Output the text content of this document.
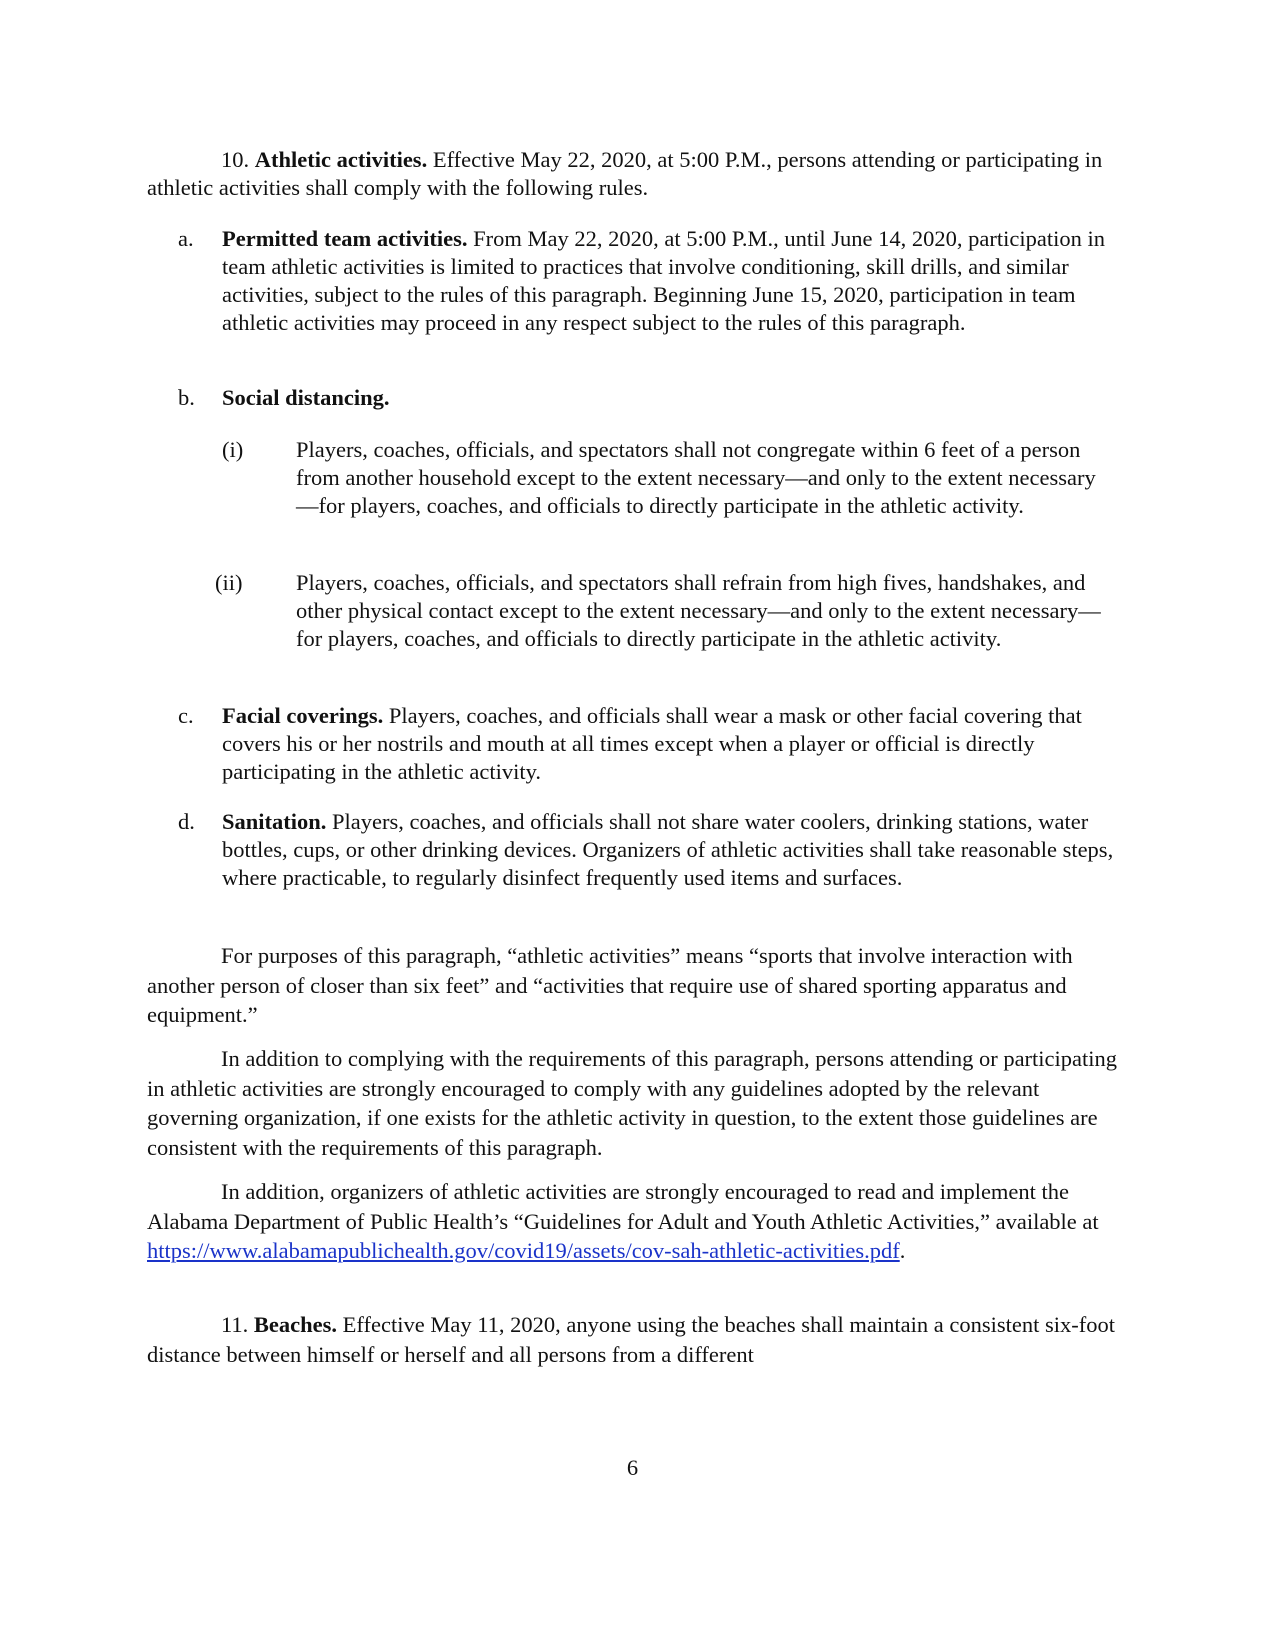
10. Athletic activities. Effective May 22, 2020, at 5:00 P.M., persons attending or participating in athletic activities shall comply with the following rules.

a. Permitted team activities. From May 22, 2020, at 5:00 P.M., until June 14, 2020, participation in team athletic activities is limited to practices that involve conditioning, skill drills, and similar activities, subject to the rules of this paragraph. Beginning June 15, 2020, participation in team athletic activities may proceed in any respect subject to the rules of this paragraph.

b. Social distancing.

(i) Players, coaches, officials, and spectators shall not congregate within 6 feet of a person from another household except to the extent necessary—and only to the extent necessary—for players, coaches, and officials to directly participate in the athletic activity.

(ii) Players, coaches, officials, and spectators shall refrain from high fives, handshakes, and other physical contact except to the extent necessary—and only to the extent necessary—for players, coaches, and officials to directly participate in the athletic activity.

c. Facial coverings. Players, coaches, and officials shall wear a mask or other facial covering that covers his or her nostrils and mouth at all times except when a player or official is directly participating in the athletic activity.

d. Sanitation. Players, coaches, and officials shall not share water coolers, drinking stations, water bottles, cups, or other drinking devices. Organizers of athletic activities shall take reasonable steps, where practicable, to regularly disinfect frequently used items and surfaces.

For purposes of this paragraph, “athletic activities” means “sports that involve interaction with another person of closer than six feet” and “activities that require use of shared sporting apparatus and equipment.”

In addition to complying with the requirements of this paragraph, persons attending or participating in athletic activities are strongly encouraged to comply with any guidelines adopted by the relevant governing organization, if one exists for the athletic activity in question, to the extent those guidelines are consistent with the requirements of this paragraph.

In addition, organizers of athletic activities are strongly encouraged to read and implement the Alabama Department of Public Health’s “Guidelines for Adult and Youth Athletic Activities,” available at https://www.alabamapublichealth.gov/covid19/assets/cov-sah-athletic-activities.pdf.

11. Beaches. Effective May 11, 2020, anyone using the beaches shall maintain a consistent six-foot distance between himself or herself and all persons from a different

6
